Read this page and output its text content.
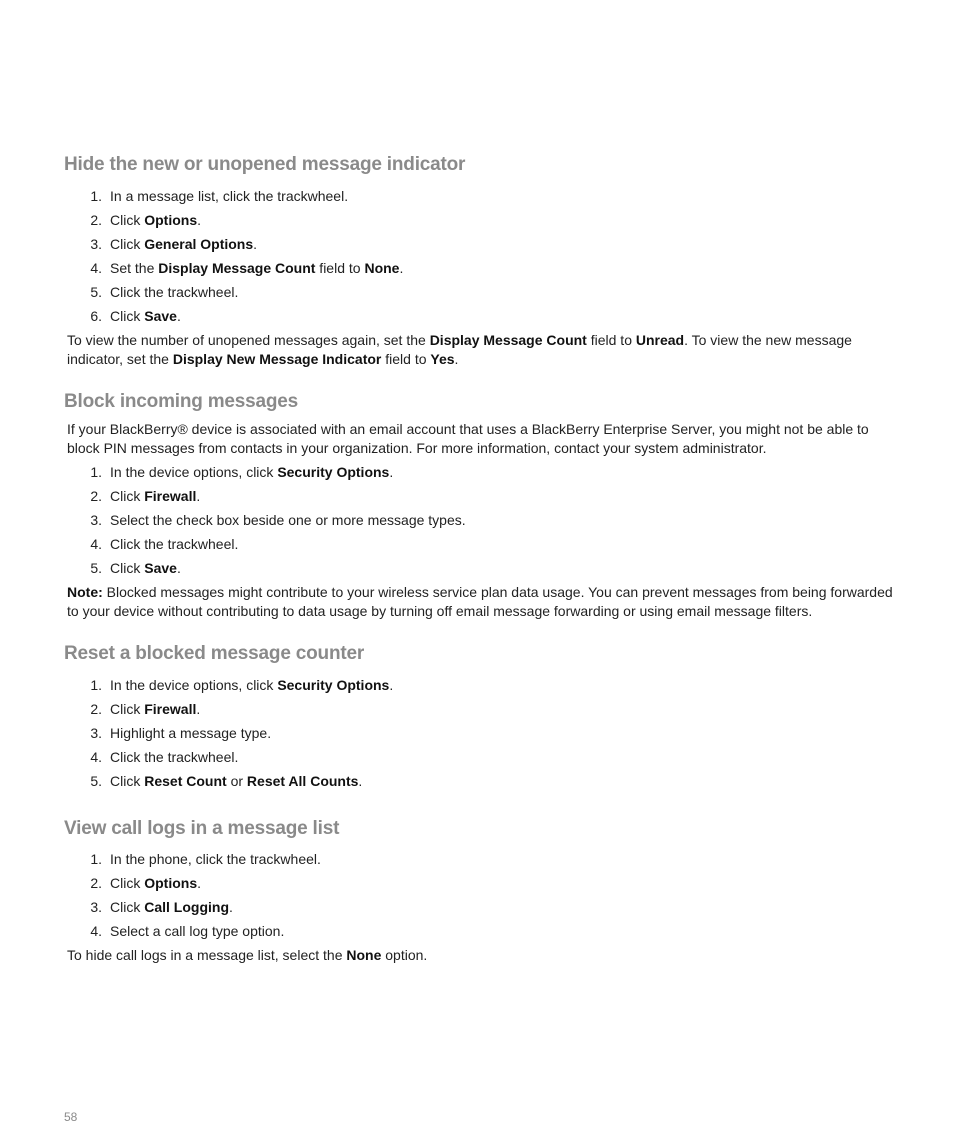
Hide the new or unopened message indicator
1. In a message list, click the trackwheel.
2. Click Options.
3. Click General Options.
4. Set the Display Message Count field to None.
5. Click the trackwheel.
6. Click Save.

To view the number of unopened messages again, set the Display Message Count field to Unread. To view the new message indicator, set the Display New Message Indicator field to Yes.

Block incoming messages

If your BlackBerry® device is associated with an email account that uses a BlackBerry Enterprise Server, you might not be able to block PIN messages from contacts in your organization. For more information, contact your system administrator.

1. In the device options, click Security Options.
2. Click Firewall.
3. Select the check box beside one or more message types.
4. Click the trackwheel.
5. Click Save.

Note: Blocked messages might contribute to your wireless service plan data usage. You can prevent messages from being forwarded to your device without contributing to data usage by turning off email message forwarding or using email message filters.

Reset a blocked message counter
1. In the device options, click Security Options.
2. Click Firewall.
3. Highlight a message type.
4. Click the trackwheel.
5. Click Reset Count or Reset All Counts.
View call logs in a message list
1. In the phone, click the trackwheel.
2. Click Options.
3. Click Call Logging.
4. Select a call log type option.

To hide call logs in a message list, select the None option.

58
